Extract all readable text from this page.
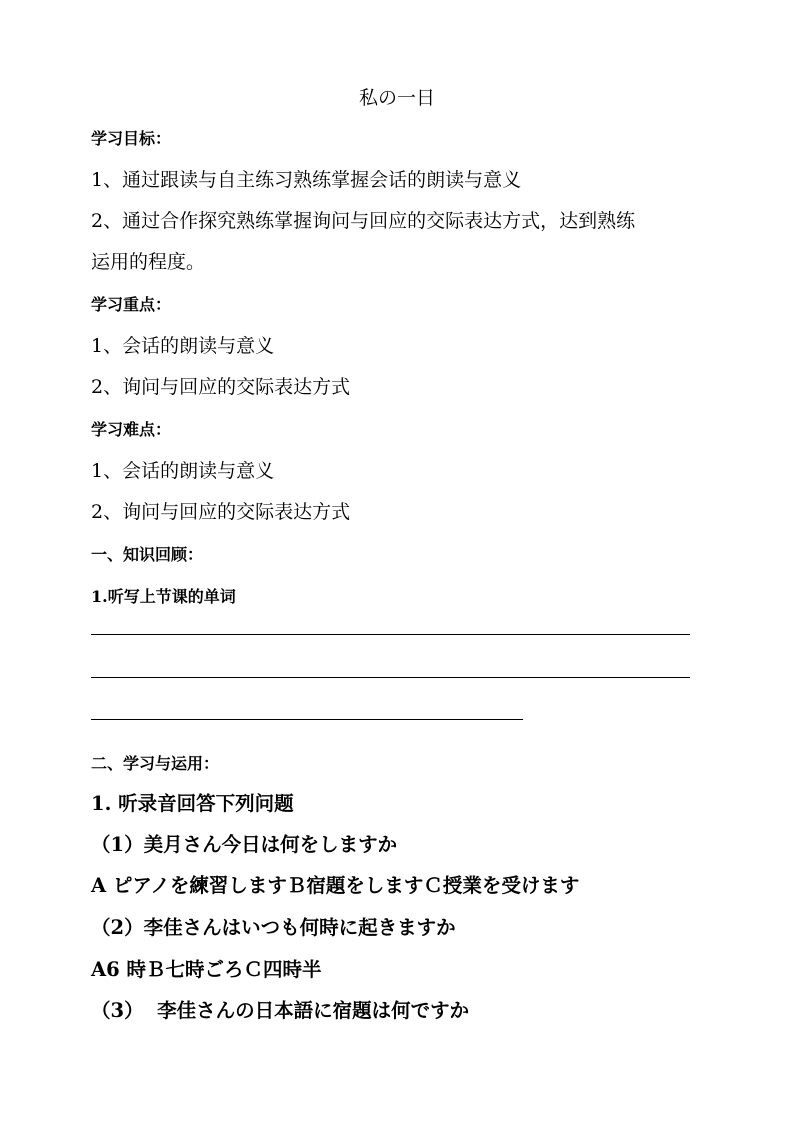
私の一日
学习目标：
1、通过跟读与自主练习熟练掌握会话的朗读与意义
2、通过合作探究熟练掌握询问与回应的交际表达方式，达到熟练
运用的程度。
学习重点：
1、会话的朗读与意义
2、询问与回应的交际表达方式
学习难点：
1、会话的朗读与意义
2、询问与回应的交际表达方式
一、知识回顾：
1.听写上节课的单词
二、学习与运用：
1. 听录音回答下列问题
（1）美月さん今日は何をしますか
A ピアノを練習しますＢ宿題をしますＣ授業を受けます
（2）李佳さんはいつも何時に起きますか
A6 時Ｂ七時ごろＣ四時半
（3）  李佳さんの日本語に宿題は何ですか
